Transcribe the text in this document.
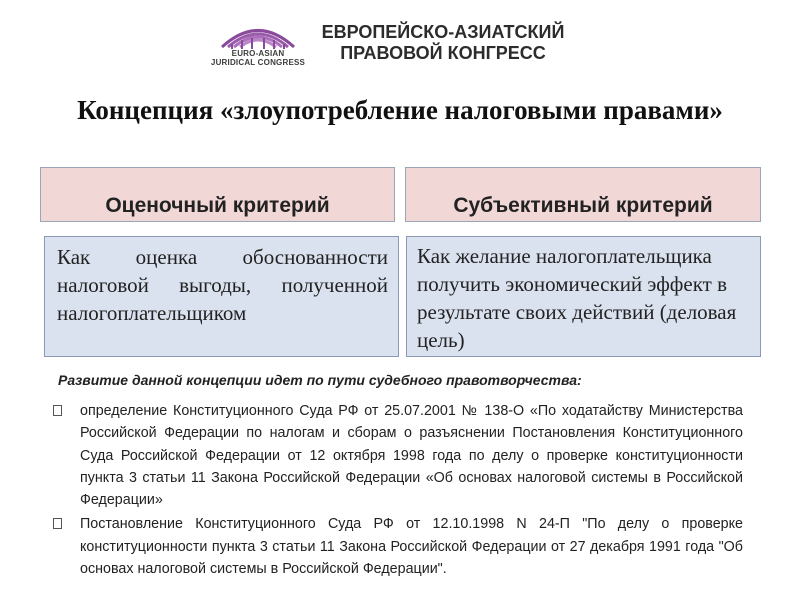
EURO-ASIAN
JURIDICAL CONGRESS
ЕВРОПЕЙСКО-АЗИАТСКИЙ
ПРАВОВОЙ КОНГРЕСС
Концепция «злоупотребление налоговыми правами»
Оценочный критерий	Субъективный критерий
Как оценка обоснованности налоговой выгоды, полученной налогоплательщиком
Как желание налогоплательщика получить экономический эффект в результате своих действий (деловая цель)
Развитие данной концепции идет по пути судебного правотворчества:
определение Конституционного Суда РФ от 25.07.2001 № 138-О «По ходатайству Министерства Российской Федерации по налогам и сборам о разъяснении Постановления Конституционного Суда Российской Федерации от 12 октября 1998 года по делу о проверке конституционности пункта 3 статьи 11 Закона Российской Федерации «Об основах налоговой системы в Российской Федерации»
Постановление Конституционного Суда РФ от 12.10.1998 N 24-П "По делу о проверке конституционности пункта 3 статьи 11 Закона Российской Федерации от 27 декабря 1991 года "Об основах налоговой системы в Российской Федерации".
